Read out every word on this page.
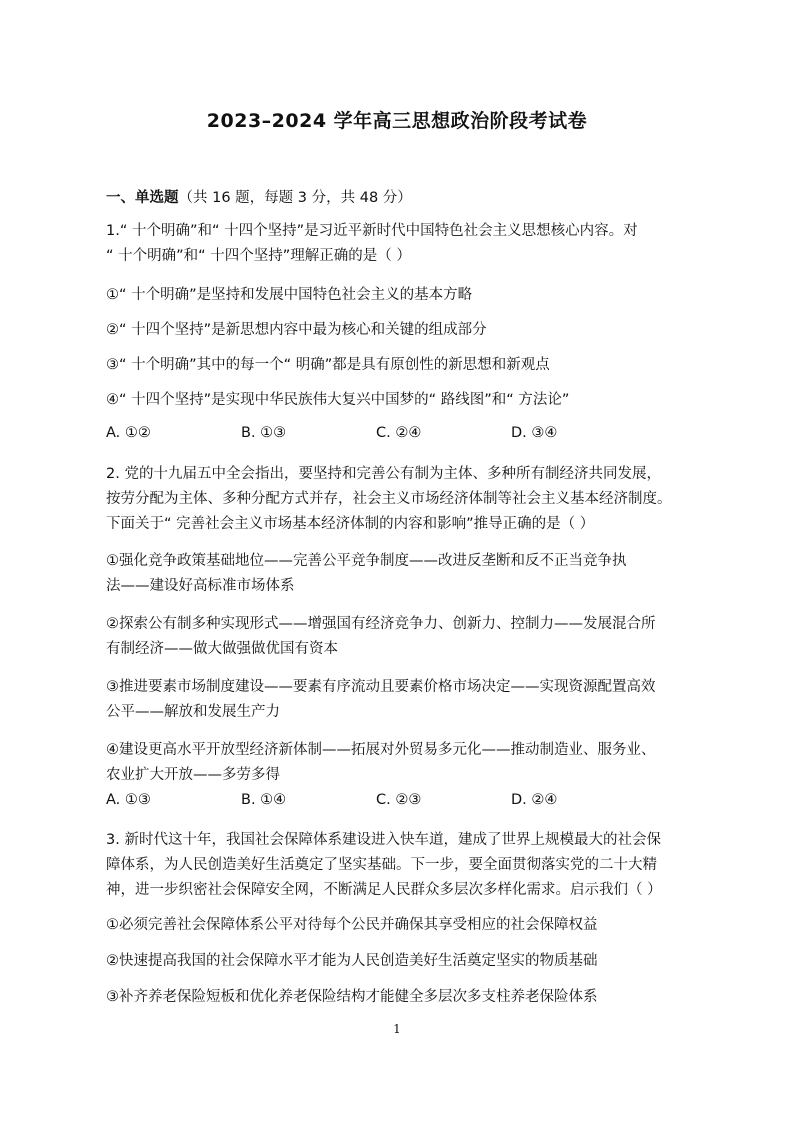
2023–2024 学年高三思想政治阶段考试卷
一、单选题（共 16 题，每题 3 分，共 48 分）
1.“ 十个明确”和“ 十四个坚持”是习近平新时代中国特色社会主义思想核心内容。对
“ 十个明确”和“ 十四个坚持”理解正确的是（ ）
①“ 十个明确”是坚持和发展中国特色社会主义的基本方略
②“ 十四个坚持”是新思想内容中最为核心和关键的组成部分
③“ 十个明确”其中的每一个“ 明确”都是具有原创性的新思想和新观点
④“ 十四个坚持”是实现中华民族伟大复兴中国梦的“ 路线图”和“ 方法论”
A. ①②	B. ①③	C. ②④	D. ③④
2. 党的十九届五中全会指出，要坚持和完善公有制为主体、多种所有制经济共同发展，
按劳分配为主体、多种分配方式并存，社会主义市场经济体制等社会主义基本经济制度。
下面关于“ 完善社会主义市场基本经济体制的内容和影响”推导正确的是（ ）
①强化竞争政策基础地位——完善公平竞争制度——改进反垄断和反不正当竞争执
法——建设好高标准市场体系
②探索公有制多种实现形式——增强国有经济竞争力、创新力、控制力——发展混合所
有制经济——做大做强做优国有资本
③推进要素市场制度建设——要素有序流动且要素价格市场决定——实现资源配置高效
公平——解放和发展生产力
④建设更高水平开放型经济新体制——拓展对外贸易多元化——推动制造业、服务业、
农业扩大开放——多劳多得
A. ①③	B. ①④	C. ②③	D. ②④
3. 新时代这十年，我国社会保障体系建设进入快车道，建成了世界上规模最大的社会保
障体系，为人民创造美好生活奠定了坚实基础。下一步，要全面贯彻落实党的二十大精
神，进一步织密社会保障安全网，不断满足人民群众多层次多样化需求。启示我们（ ）
①必须完善社会保障体系公平对待每个公民并确保其享受相应的社会保障权益
②快速提高我国的社会保障水平才能为人民创造美好生活奠定坚实的物质基础
③补齐养老保险短板和优化养老保险结构才能健全多层次多支柱养老保险体系
1
